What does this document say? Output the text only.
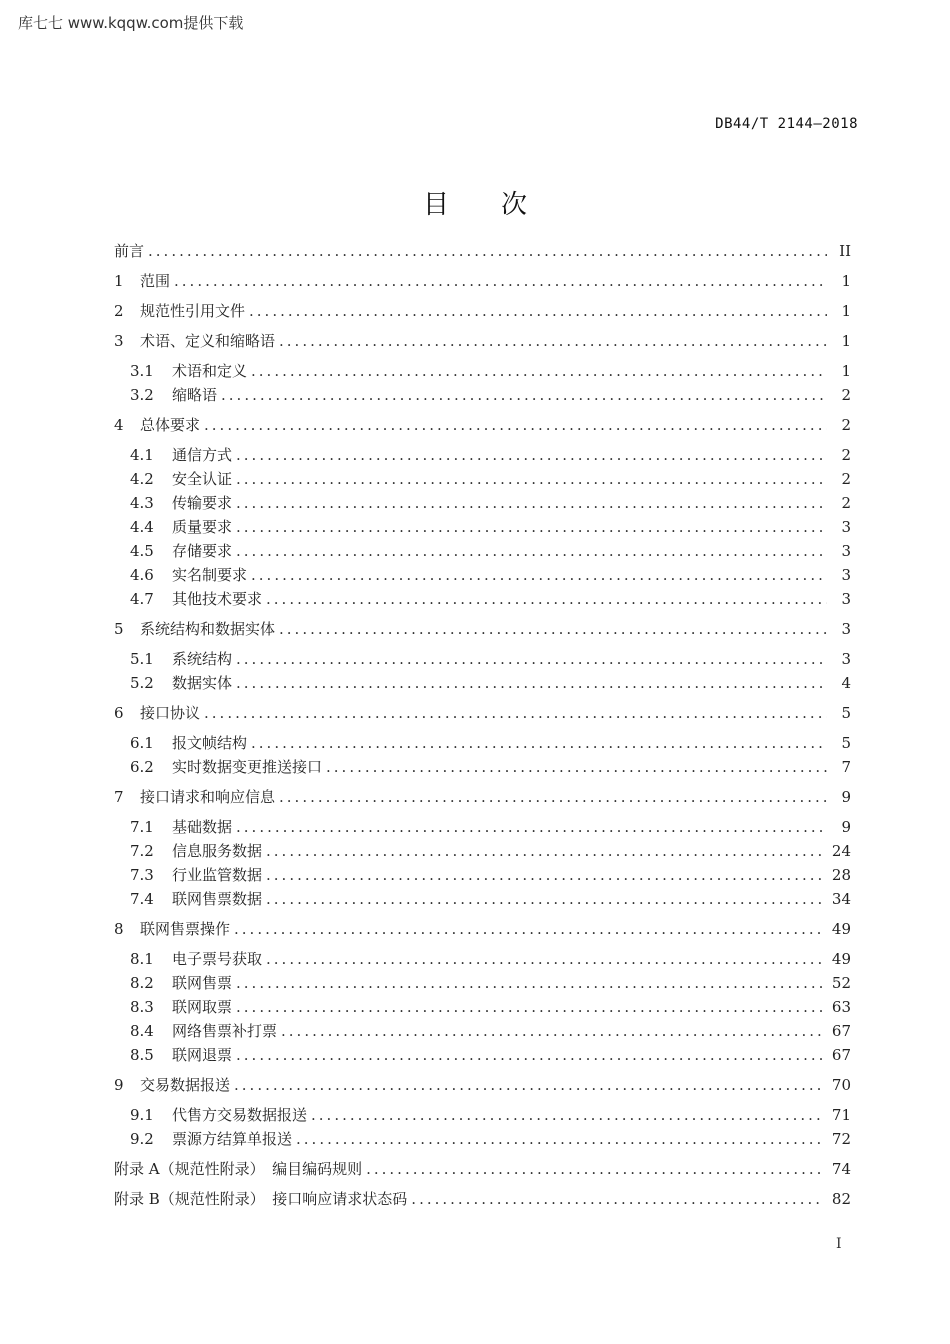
库七七 www.kqqw.com提供下载
DB44/T 2144—2018
目次
前言 .....	II
1	范围 .....	1
2	规范性引用文件 .....	1
3	术语、定义和缩略语 .....	1
3.1	术语和定义 .....	1
3.2	缩略语 .....	2
4	总体要求 .....	2
4.1	通信方式 .....	2
4.2	安全认证 .....	2
4.3	传输要求 .....	2
4.4	质量要求 .....	3
4.5	存储要求 .....	3
4.6	实名制要求 .....	3
4.7	其他技术要求 .....	3
5	系统结构和数据实体 .....	3
5.1	系统结构 .....	3
5.2	数据实体 .....	4
6	接口协议 .....	5
6.1	报文帧结构 .....	5
6.2	实时数据变更推送接口 .....	7
7	接口请求和响应信息 .....	9
7.1	基础数据 .....	9
7.2	信息服务数据 .....	24
7.3	行业监管数据 .....	28
7.4	联网售票数据 .....	34
8	联网售票操作 .....	49
8.1	电子票号获取 .....	49
8.2	联网售票 .....	52
8.3	联网取票 .....	63
8.4	网络售票补打票 .....	67
8.5	联网退票 .....	67
9	交易数据报送 .....	70
9.1	代售方交易数据报送 .....	71
9.2	票源方结算单报送 .....	72
附录 A（规范性附录）　编目编码规则 .....	74
附录 B（规范性附录）　接口响应请求状态码 .....	82
I
